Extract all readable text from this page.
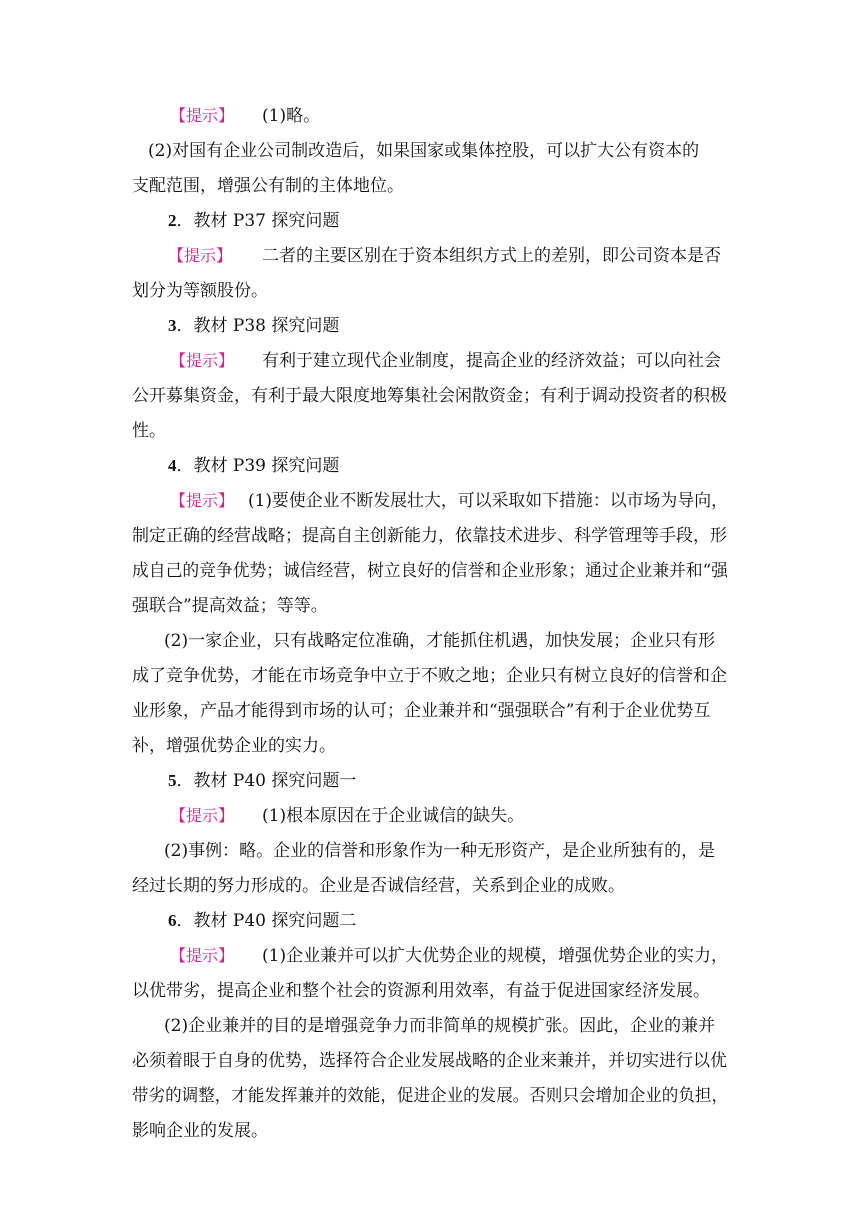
【提示】 (1)略。
(2)对国有企业公司制改造后，如果国家或集体控股，可以扩大公有资本的
支配范围，增强公有制的主体地位。
2．教材 P37 探究问题
【提示】 二者的主要区别在于资本组织方式上的差别，即公司资本是否
划分为等额股份。
3．教材 P38 探究问题
【提示】 有利于建立现代企业制度，提高企业的经济效益；可以向社会
公开募集资金，有利于最大限度地筹集社会闲散资金；有利于调动投资者的积极
性。
4．教材 P39 探究问题
【提示】 (1)要使企业不断发展壮大，可以采取如下措施：以市场为导向，
制定正确的经营战略；提高自主创新能力，依靠技术进步、科学管理等手段，形
成自己的竞争优势；诚信经营，树立良好的信誉和企业形象；通过企业兼并和“强
强联合”提高效益；等等。
(2)一家企业，只有战略定位准确，才能抓住机遇，加快发展；企业只有形
成了竞争优势，才能在市场竞争中立于不败之地；企业只有树立良好的信誉和企
业形象，产品才能得到市场的认可；企业兼并和“强强联合”有利于企业优势互
补，增强优势企业的实力。
5．教材 P40 探究问题一
【提示】 (1)根本原因在于企业诚信的缺失。
(2)事例：略。企业的信誉和形象作为一种无形资产，是企业所独有的，是
经过长期的努力形成的。企业是否诚信经营，关系到企业的成败。
6．教材 P40 探究问题二
【提示】 (1)企业兼并可以扩大优势企业的规模，增强优势企业的实力，
以优带劣，提高企业和整个社会的资源利用效率，有益于促进国家经济发展。
(2)企业兼并的目的是增强竞争力而非简单的规模扩张。因此，企业的兼并
必须着眼于自身的优势，选择符合企业发展战略的企业来兼并，并切实进行以优
带劣的调整，才能发挥兼并的效能，促进企业的发展。否则只会增加企业的负担，
影响企业的发展。
